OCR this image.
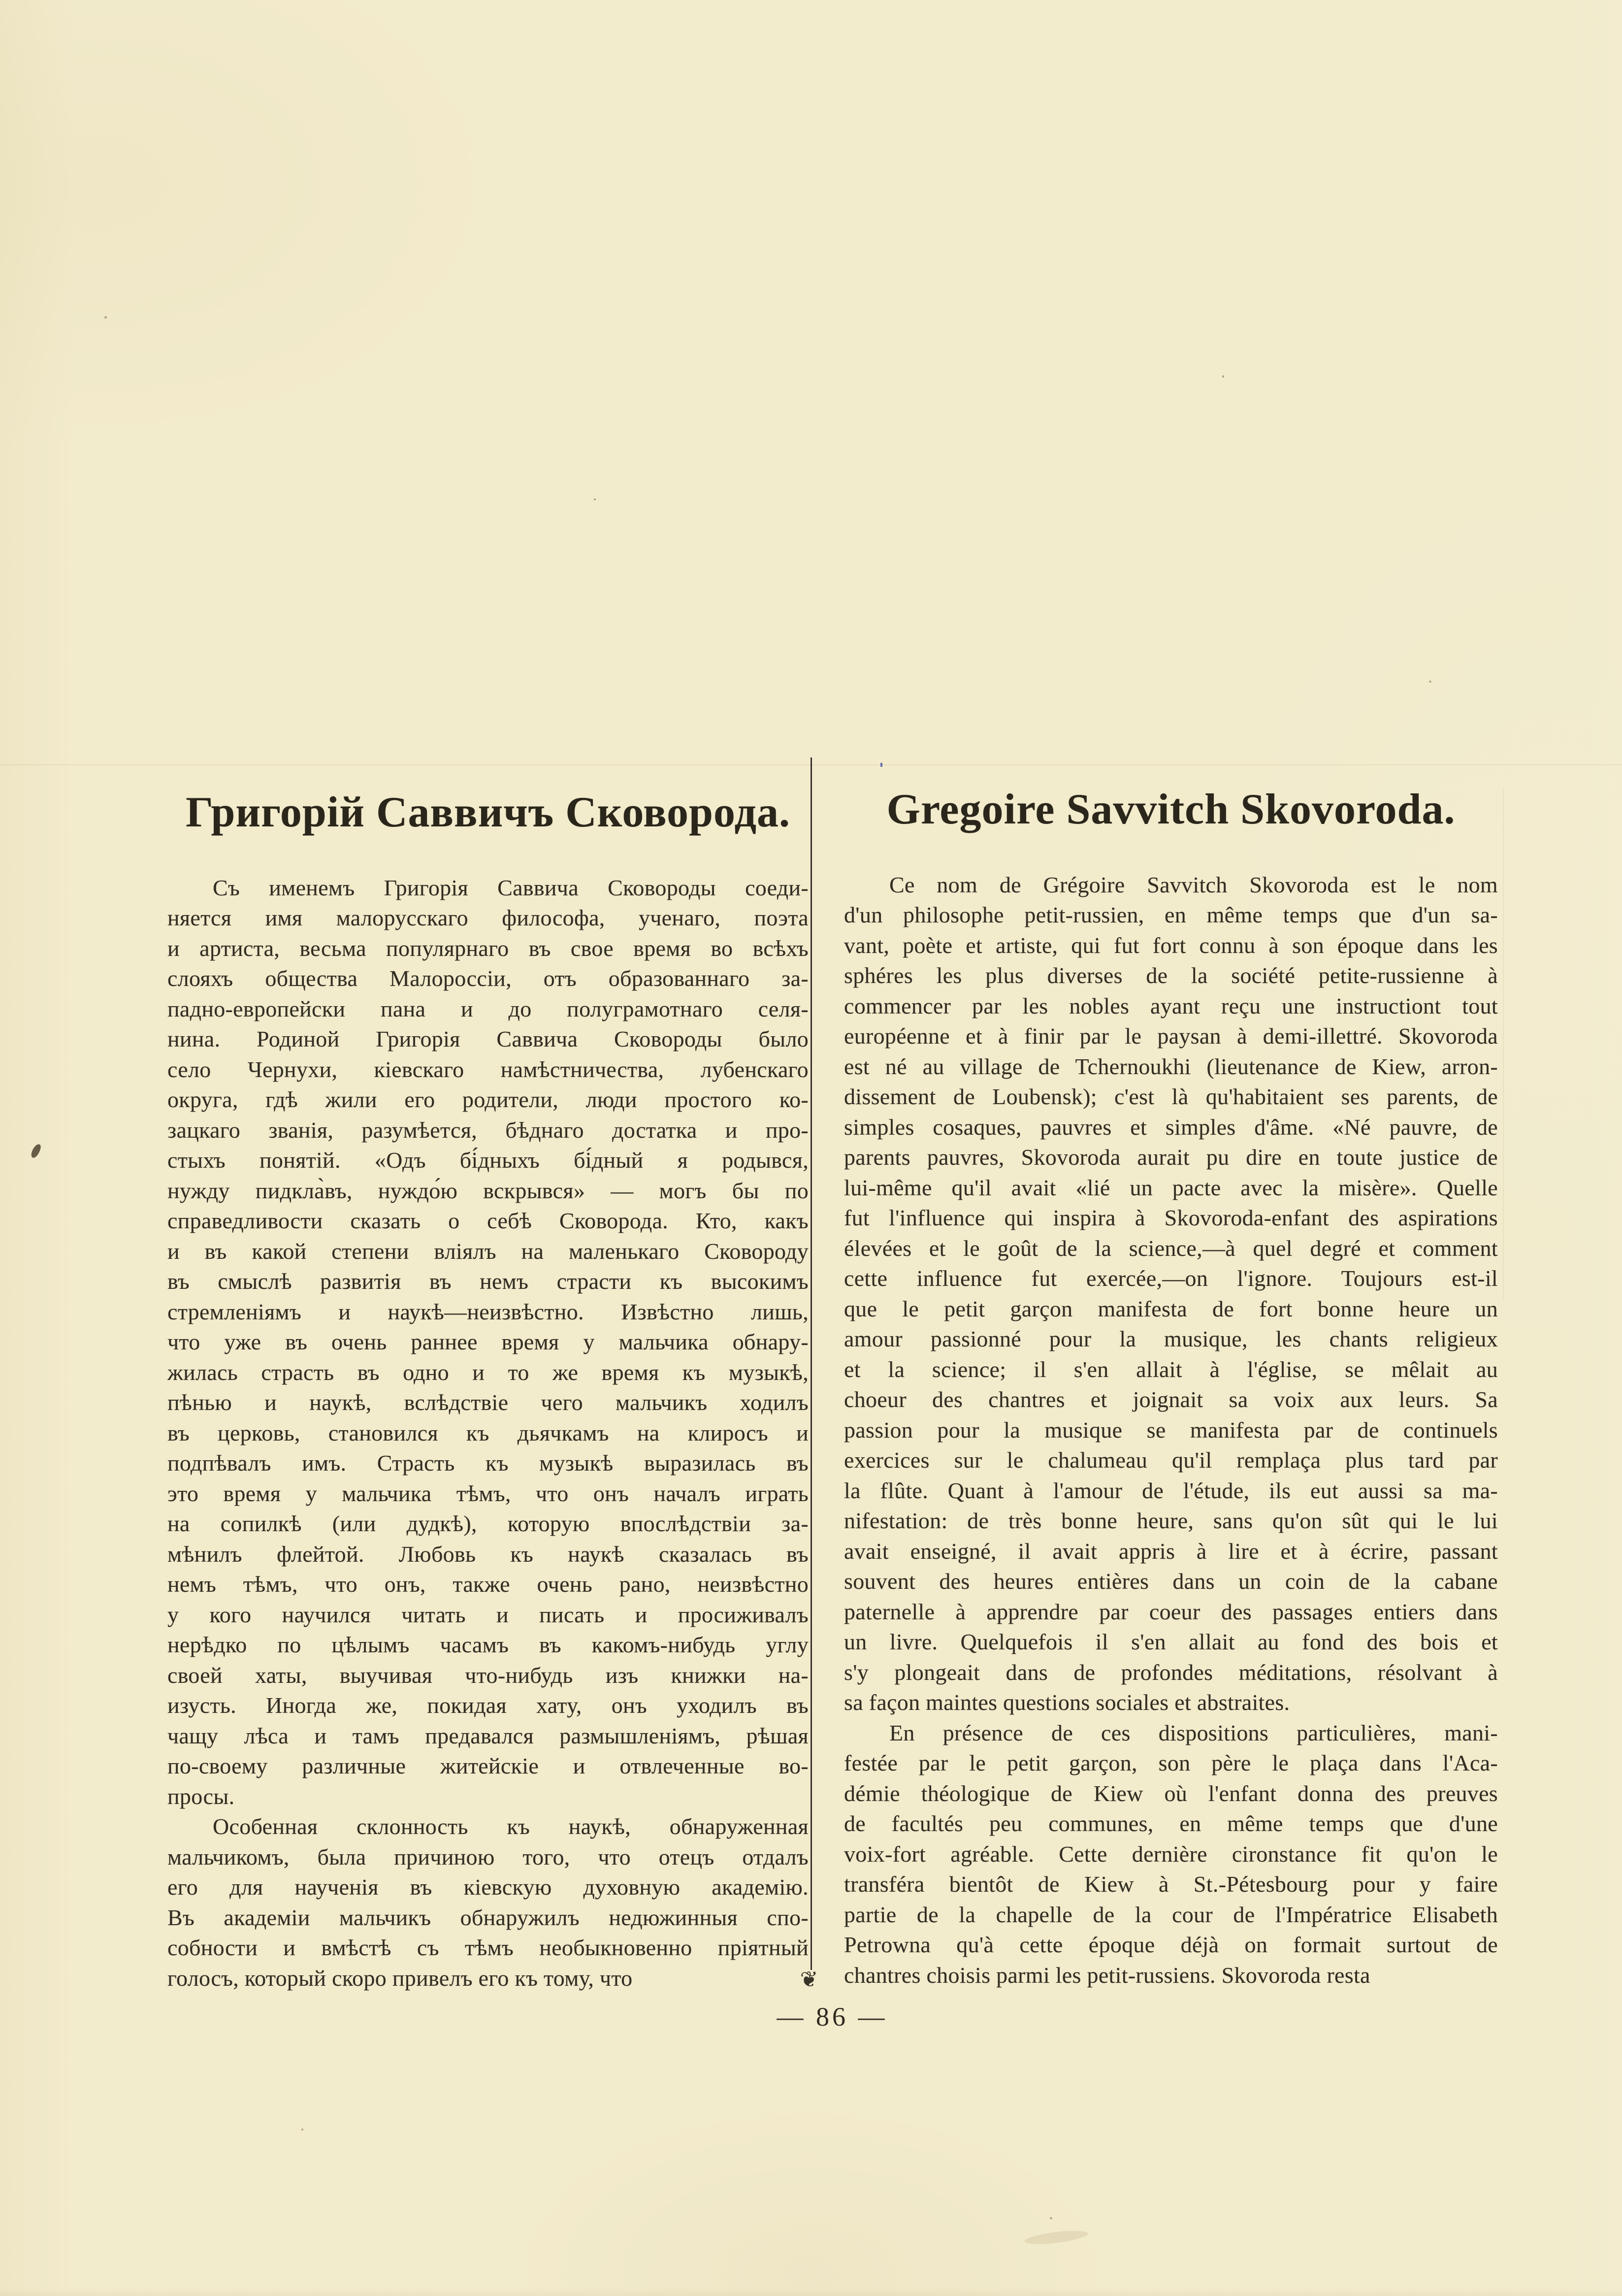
❦
Григорій Саввичъ Сковорода.
Съ именемъ Григорія Саввича Сковороды соеди-
няется имя малорусскаго философа, ученаго, поэта
и артиста, весьма популярнаго въ свое время во всѣхъ
слояхъ общества Малороссіи, отъ образованнаго за-
падно-европейски пана и до полуграмотнаго селя-
нина. Родиной Григорія Саввича Сковороды было
село Чернухи, кіевскаго намѣстничества, лубенскаго
округа, гдѣ жили его родители, люди простого ко-
зацкаго званія, разумѣется, бѣднаго достатка и про-
стыхъ понятій. «Одъ бі́дныхъ бі́дный я родывся,
нужду пидкла̀въ, нуждо́ю вскрывся» — могъ бы по
справедливости сказать о себѣ Сковорода. Кто, какъ
и въ какой степени вліялъ на маленькаго Сковороду
въ смыслѣ развитія въ немъ страсти къ высокимъ
стремленіямъ и наукѣ—неизвѣстно. Извѣстно лишь,
что уже въ очень раннее время у мальчика обнару-
жилась страсть въ одно и то же время къ музыкѣ,
пѣнью и наукѣ, вслѣдствіе чего мальчикъ ходилъ
въ церковь, становился къ дьячкамъ на клиросъ и
подпѣвалъ имъ. Страсть къ музыкѣ выразилась въ
это время у мальчика тѣмъ, что онъ началъ играть
на сопилкѣ (или дудкѣ), которую впослѣдствіи за-
мѣнилъ флейтой. Любовь къ наукѣ сказалась въ
немъ тѣмъ, что онъ, также очень рано, неизвѣстно
у кого научился читать и писать и просиживалъ
нерѣдко по цѣлымъ часамъ въ какомъ-нибудь углу
своей хаты, выучивая что-нибудь изъ книжки на-
изусть. Иногда же, покидая хату, онъ уходилъ въ
чащу лѣса и тамъ предавался размышленіямъ, рѣшая
по-своему различные житейскіе и отвлеченные во-
просы.
Особенная склонность къ наукѣ, обнаруженная
мальчикомъ, была причиною того, что отецъ отдалъ
его для наученія въ кіевскую духовную академію.
Въ академіи мальчикъ обнаружилъ недюжинныя спо-
собности и вмѣстѣ съ тѣмъ необыкновенно пріятный
голосъ, который скоро привелъ его къ тому, что
Gregoire Savvitch Skovoroda.
Ce nom de Grégoire Savvitch Skovoroda est le nom
d'un philosophe petit-russien, en même temps que d'un sa-
vant, poète et artiste, qui fut fort connu à son époque dans les
sphéres les plus diverses de la société petite-russienne à
commencer par les nobles ayant reçu une instructiont tout
européenne et à finir par le paysan à demi-illettré. Skovoroda
est né au village de Tchernoukhi (lieutenance de Kiew, arron-
dissement de Loubensk); c'est là qu'habitaient ses parents, de
simples cosaques, pauvres et simples d'âme. «Né pauvre, de
parents pauvres, Skovoroda aurait pu dire en toute justice de
lui-même qu'il avait «lié un pacte avec la misère». Quelle
fut l'influence qui inspira à Skovoroda-enfant des aspirations
élevées et le goût de la science,—à quel degré et comment
cette influence fut exercée,—on l'ignore. Toujours est-il
que le petit garçon manifesta de fort bonne heure un
amour passionné pour la musique, les chants religieux
et la science; il s'en allait à l'église, se mêlait au
choeur des chantres et joignait sa voix aux leurs. Sa
passion pour la musique se manifesta par de continuels
exercices sur le chalumeau qu'il remplaça plus tard par
la flûte. Quant à l'amour de l'étude, ils eut aussi sa ma-
nifestation: de très bonne heure, sans qu'on sût qui le lui
avait enseigné, il avait appris à lire et à écrire, passant
souvent des heures entières dans un coin de la cabane
paternelle à apprendre par coeur des passages entiers dans
un livre. Quelquefois il s'en allait au fond des bois et
s'y plongeait dans de profondes méditations, résolvant à
sa façon maintes questions sociales et abstraites.
En présence de ces dispositions particulières, mani-
festée par le petit garçon, son père le plaça dans l'Aca-
démie théologique de Kiew où l'enfant donna des preuves
de facultés peu communes, en même temps que d'une
voix-fort agréable. Cette dernière cironstance fit qu'on le
transféra bientôt de Kiew à St.-Pétesbourg pour y faire
partie de la chapelle de la cour de l'Impératrice Elisabeth
Petrowna qu'à cette époque déjà on formait surtout de
chantres choisis parmi les petit-russiens. Skovoroda resta
— 86 —
